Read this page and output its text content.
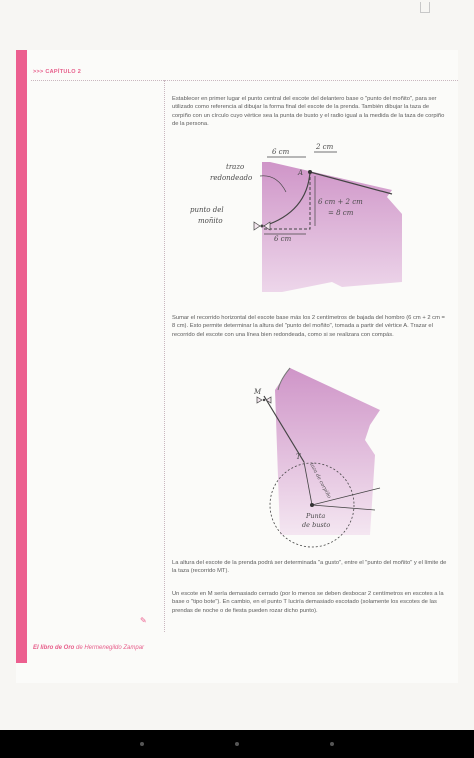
>>> CAPÍTULO 2

Establecer en primer lugar el punto central del escote del delantero base o "punto del moñito", para ser utilizado como referencia al dibujar la forma final del escote de la prenda. También dibujar la taza de corpiño con un círculo cuyo vértice sea la punta de busto y el radio igual a la medida de la taza de corpiño de la persona.

A
6 cm
2 cm
6 cm + 2 cm
= 8 cm
6 cm
trazo
redondeado
punto del
moñito

Sumar el recorrido horizontal del escote base más los 2 centímetros de bajada del hombro (6 cm + 2 cm = 8 cm). Esto permite determinar la altura del "punto del moñito", tomada a partir del vértice A. Trazar el recorrido del escote con una línea bien redondeada, como si se realizara con compás.

M
T
taza de corpiño
Punta
de busto

La altura del escote de la prenda podrá ser determinada "a gusto", entre el "punto del moñito" y el límite de la taza (recorrido MT).

Un escote en M sería demasiado cerrado (por lo menos se deben desbocar 2 centímetros en escotes a la base o "tipo bote"). En cambio, en el punto T luciría demasiado escotado (solamente los escotes de las prendas de noche o de fiesta pueden rozar dicho punto).

✎
El libro de Oro de Hermenegildo Zampar
